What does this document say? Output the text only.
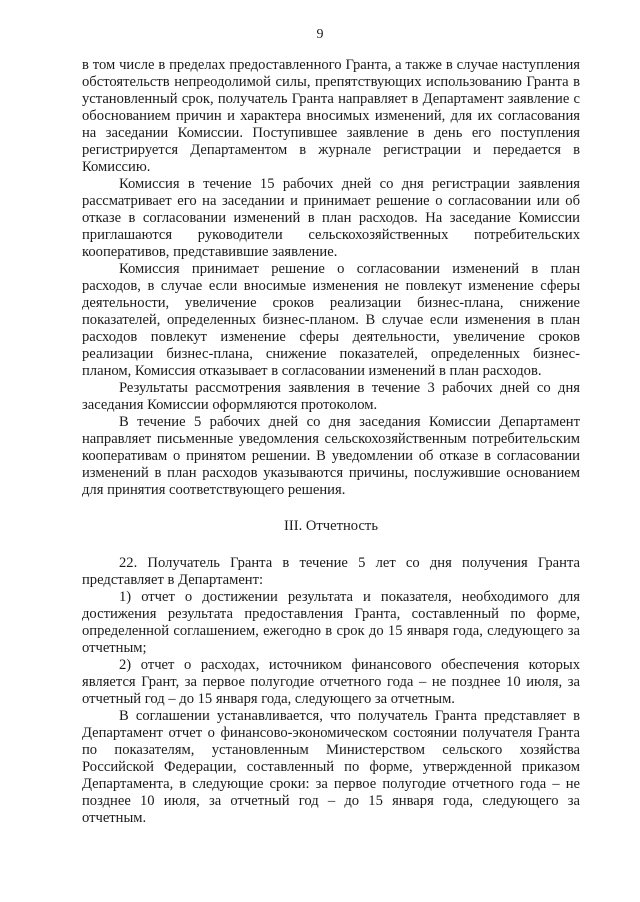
9

в том числе в пределах предоставленного Гранта, а также в случае наступления обстоятельств непреодолимой силы, препятствующих использованию Гранта в установленный срок, получатель Гранта направляет в Департамент заявление с обоснованием причин и характера вносимых изменений, для их согласования на заседании Комиссии. Поступившее заявление в день его поступления регистрируется Департаментом в журнале регистрации и передается в Комиссию.

Комиссия в течение 15 рабочих дней со дня регистрации заявления рассматривает его на заседании и принимает решение о согласовании или об отказе в согласовании изменений в план расходов. На заседание Комиссии приглашаются руководители сельскохозяйственных потребительских кооперативов, представившие заявление.

Комиссия принимает решение о согласовании изменений в план расходов, в случае если вносимые изменения не повлекут изменение сферы деятельности, увеличение сроков реализации бизнес-плана, снижение показателей, определенных бизнес-планом. В случае если изменения в план расходов повлекут изменение сферы деятельности, увеличение сроков реализации бизнес-плана, снижение показателей, определенных бизнес-планом, Комиссия отказывает в согласовании изменений в план расходов.

Результаты рассмотрения заявления в течение 3 рабочих дней со дня заседания Комиссии оформляются протоколом.

В течение 5 рабочих дней со дня заседания Комиссии Департамент направляет письменные уведомления сельскохозяйственным потребительским кооперативам о принятом решении. В уведомлении об отказе в согласовании изменений в план расходов указываются причины, послужившие основанием для принятия соответствующего решения.

III. Отчетность

22. Получатель Гранта в течение 5 лет со дня получения Гранта представляет в Департамент:

1) отчет о достижении результата и показателя, необходимого для достижения результата предоставления Гранта, составленный по форме, определенной соглашением, ежегодно в срок до 15 января года, следующего за отчетным;

2) отчет о расходах, источником финансового обеспечения которых является Грант, за первое полугодие отчетного года – не позднее 10 июля, за отчетный год – до 15 января года, следующего за отчетным.

В соглашении устанавливается, что получатель Гранта представляет в Департамент отчет о финансово-экономическом состоянии получателя Гранта по показателям, установленным Министерством сельского хозяйства Российской Федерации, составленный по форме, утвержденной приказом Департамента, в следующие сроки: за первое полугодие отчетного года – не позднее 10 июля, за отчетный год – до 15 января года, следующего за отчетным.
